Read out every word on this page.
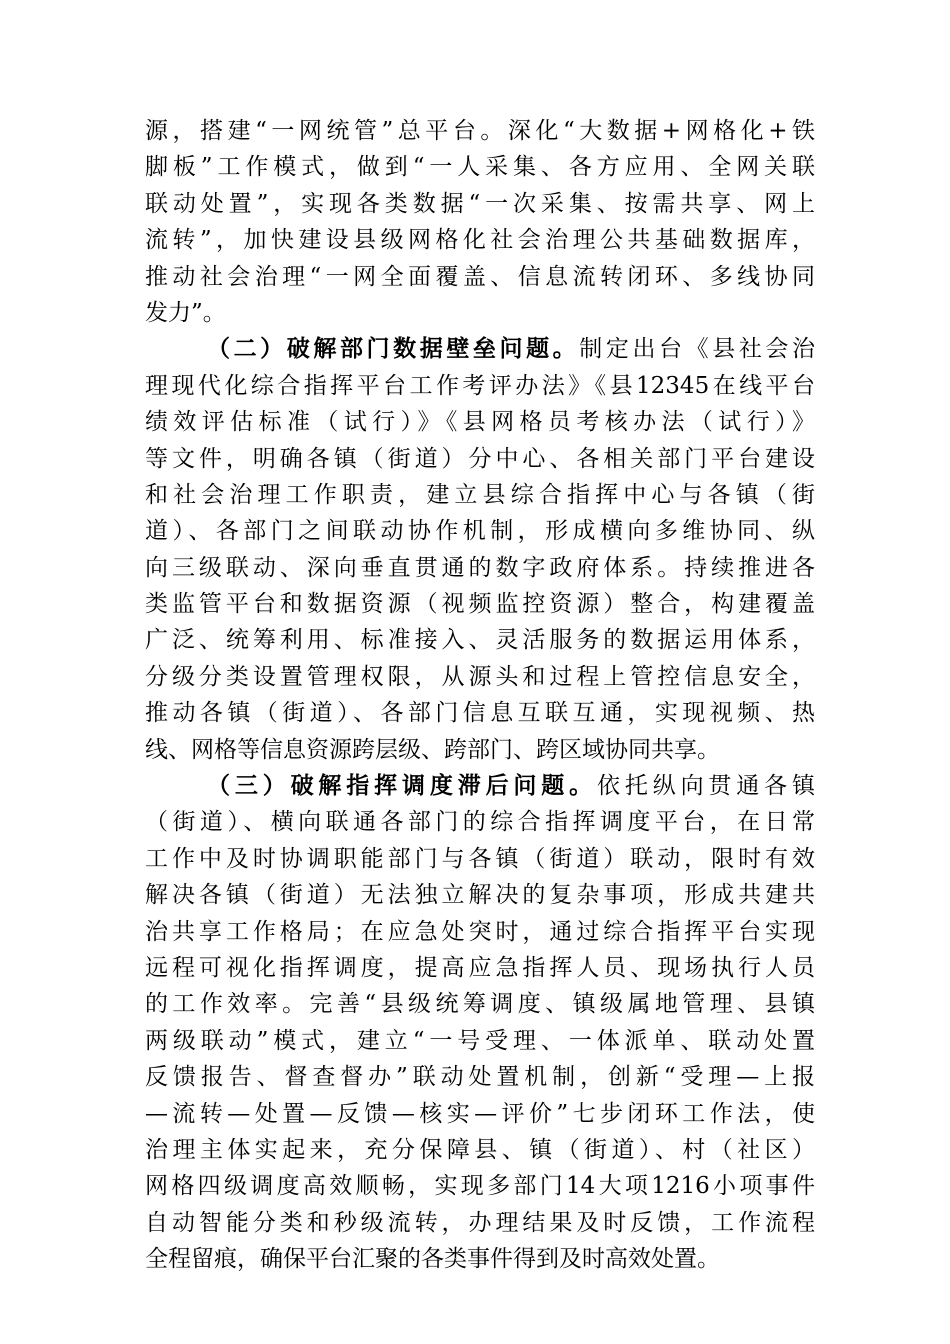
源，搭建“一网统管”总平台。深化“大数据+网格化+铁
脚板”工作模式，做到“一人采集、各方应用、全网关联
联动处置”，实现各类数据“一次采集、按需共享、网上
流转”，加快建设县级网格化社会治理公共基础数据库，
推动社会治理“一网全面覆盖、信息流转闭环、多线协同
发力”。
（二）破解部门数据壁垒问题。制定出台《县社会治
理现代化综合指挥平台工作考评办法》《县12345在线平台
绩效评估标准（试行）》《县网格员考核办法（试行）》
等文件，明确各镇（街道）分中心、各相关部门平台建设
和社会治理工作职责，建立县综合指挥中心与各镇（街
道）、各部门之间联动协作机制，形成横向多维协同、纵
向三级联动、深向垂直贯通的数字政府体系。持续推进各
类监管平台和数据资源（视频监控资源）整合，构建覆盖
广泛、统筹利用、标准接入、灵活服务的数据运用体系，
分级分类设置管理权限，从源头和过程上管控信息安全，
推动各镇（街道）、各部门信息互联互通，实现视频、热
线、网格等信息资源跨层级、跨部门、跨区域协同共享。
（三）破解指挥调度滞后问题。依托纵向贯通各镇
（街道）、横向联通各部门的综合指挥调度平台，在日常
工作中及时协调职能部门与各镇（街道）联动，限时有效
解决各镇（街道）无法独立解决的复杂事项，形成共建共
治共享工作格局；在应急处突时，通过综合指挥平台实现
远程可视化指挥调度，提高应急指挥人员、现场执行人员
的工作效率。完善“县级统筹调度、镇级属地管理、县镇
两级联动”模式，建立“一号受理、一体派单、联动处置
反馈报告、督查督办”联动处置机制，创新“受理—上报
—流转—处置—反馈—核实—评价”七步闭环工作法，使
治理主体实起来，充分保障县、镇（街道）、村（社区）
网格四级调度高效顺畅，实现多部门14大项1216小项事件
自动智能分类和秒级流转，办理结果及时反馈，工作流程
全程留痕，确保平台汇聚的各类事件得到及时高效处置。
